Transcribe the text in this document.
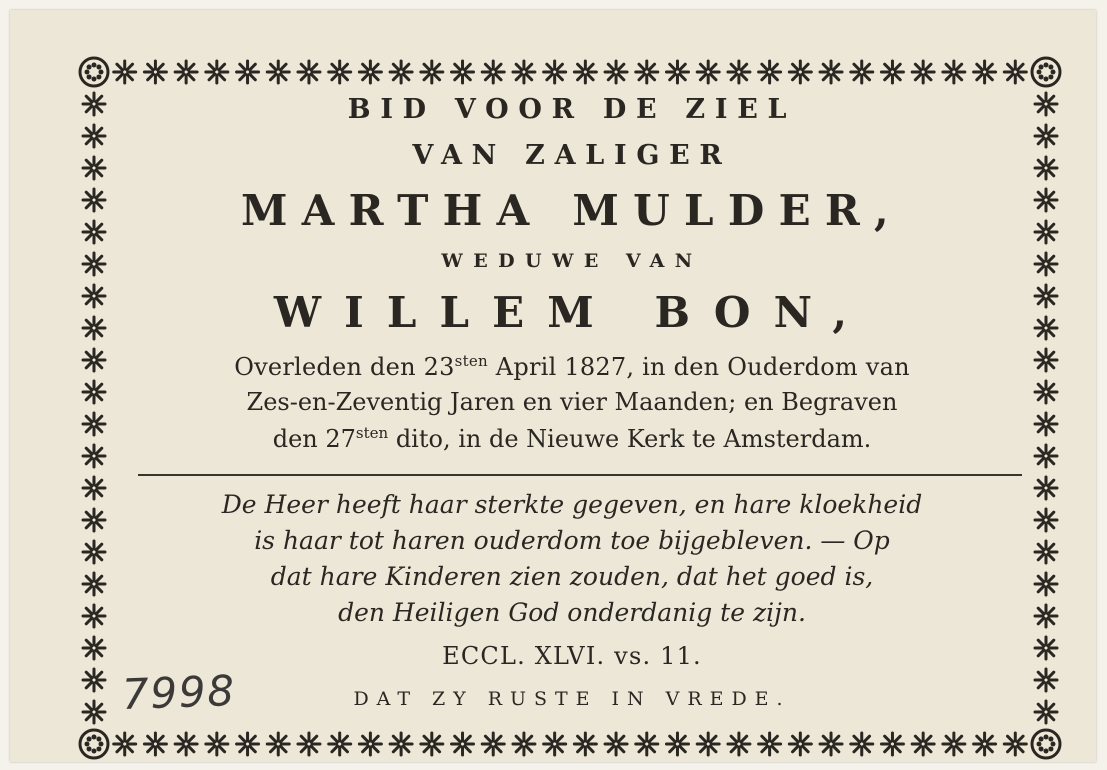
BID VOOR DE ZIEL

VAN ZALIGER

MARTHA MULDER,

WEDUWE VAN

WILLEM BON,

Overleden den $23^{sten}$ April 1827, in den Ouderdom van

Zes-en-Zeventig Jaren en vier Maanden; en Begraven

den $27^{sten}$ dito, in de Nieuwe Kerk te Amsterdam.

De Heer heeft haar sterkte gegeven, en hare kloekheid

is haar tot haren ouderdom toe bijgebleven. — Op

dat hare Kinderen zien zouden, dat het goed is,

den Heiligen God onderdanig te zijn.

ECCL. XLVI. vs. 11.

DAT ZY RUSTE IN VREDE.

7998
